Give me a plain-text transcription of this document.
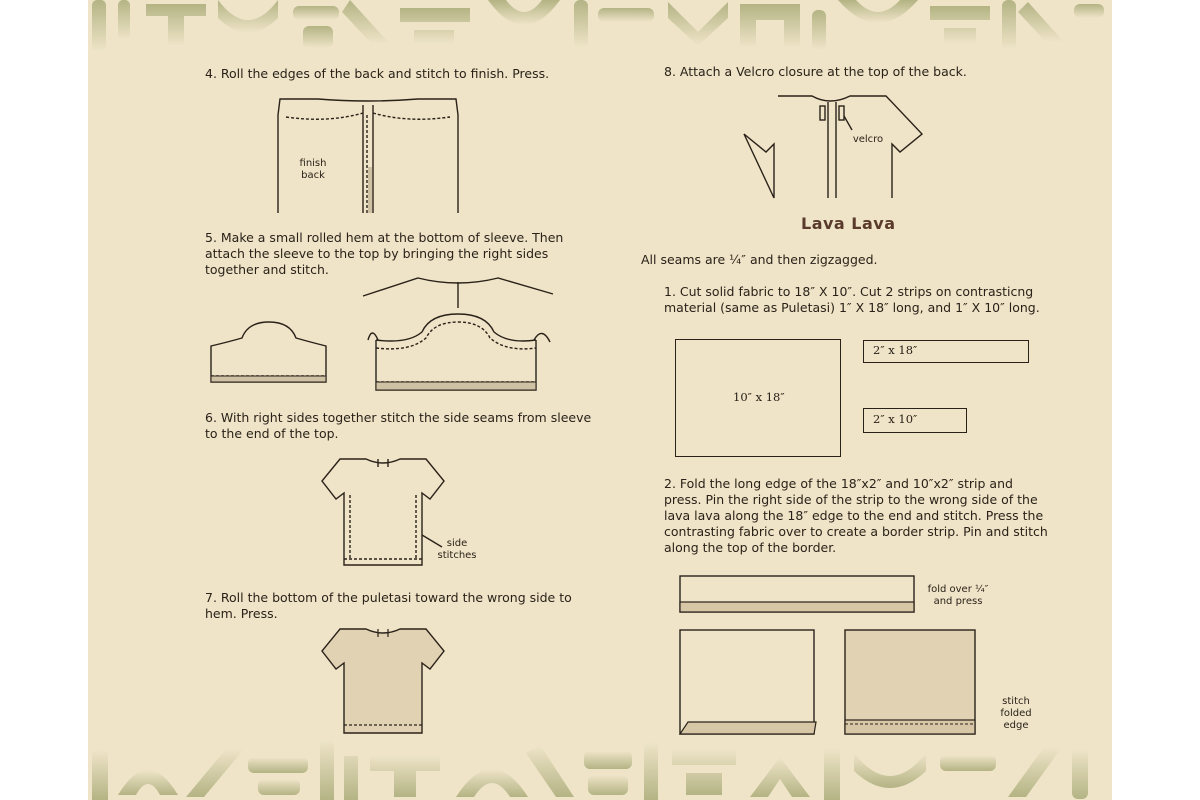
4. Roll the edges of the back and stitch to finish. Press.
finish
back
5. Make a small rolled hem at the bottom of sleeve. Then attach the sleeve to the top by bringing the right sides together and stitch.
6. With right sides together stitch the side seams from sleeve to the end of the top.
side
stitches
7. Roll the bottom of the puletasi toward the wrong side to hem. Press.
8. Attach a Velcro closure at the top of the back.
velcro
Lava Lava
All seams are ¼″ and then zigzagged.
1. Cut solid fabric to 18″ X 10″. Cut 2 strips on contrasticng material (same as Puletasi) 1″ X 18″ long, and 1″ X 10″ long.
10″ x 18″
2″ x 18″
2″ x 10″
2. Fold the long edge of the 18″x2″ and 10″x2″ strip and press. Pin the right side of the strip to the wrong side of the lava lava along the 18″ edge to the end and stitch. Press the contrasting fabric over to create a border strip. Pin and stitch along the top of the border.
fold over ¼″
and press
stitch
folded
edge
